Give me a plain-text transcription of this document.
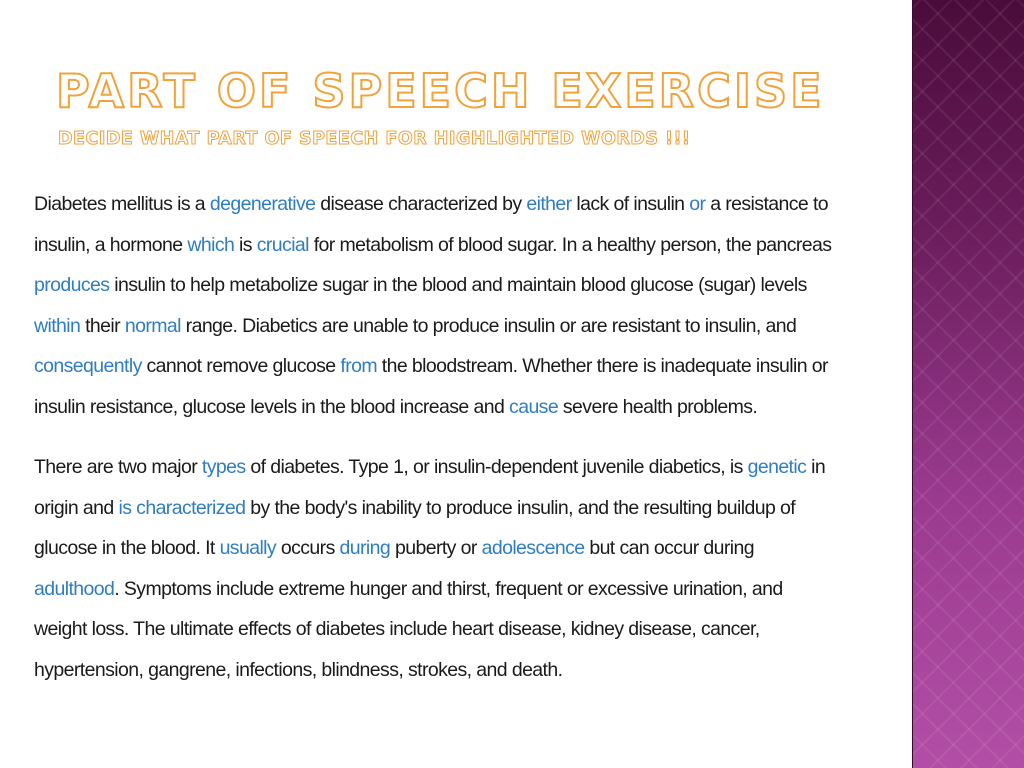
PART OF SPEECH EXERCISE
DECIDE WHAT PART OF SPEECH FOR HIGHLIGHTED WORDS !!!

Diabetes mellitus is a degenerative disease characterized by either lack of insulin or a resistance to
insulin, a hormone which is crucial for metabolism of blood sugar. In a healthy person, the pancreas
produces insulin to help metabolize sugar in the blood and maintain blood glucose (sugar) levels
within their normal range. Diabetics are unable to produce insulin or are resistant to insulin, and
consequently cannot remove glucose from the bloodstream. Whether there is inadequate insulin or
insulin resistance, glucose levels in the blood increase and cause severe health problems.

There are two major types of diabetes. Type 1, or insulin-dependent juvenile diabetics, is genetic in
origin and is characterized by the body's inability to produce insulin, and the resulting buildup of
glucose in the blood. It usually occurs during puberty or adolescence but can occur during
adulthood. Symptoms include extreme hunger and thirst, frequent or excessive urination, and
weight loss. The ultimate effects of diabetes include heart disease, kidney disease, cancer,
hypertension, gangrene, infections, blindness, strokes, and death.
